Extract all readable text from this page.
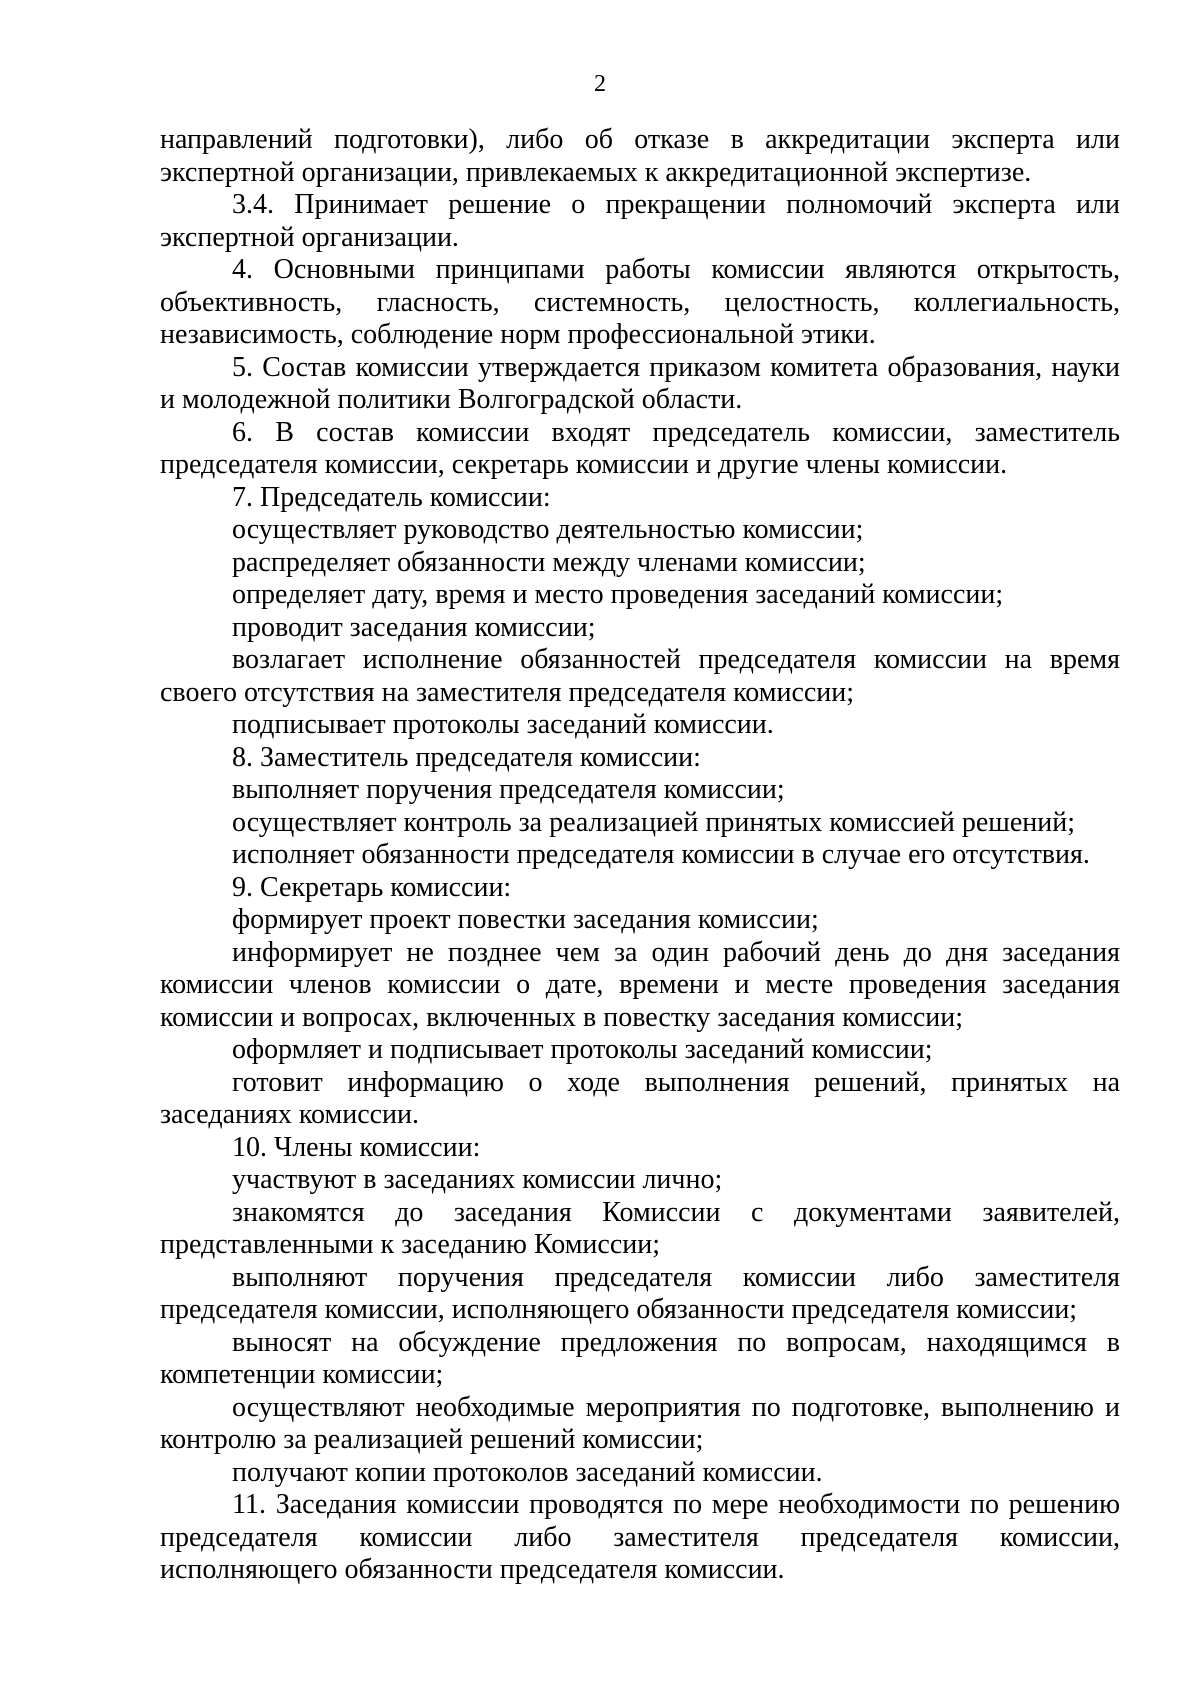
2

направлений подготовки), либо об отказе в аккредитации эксперта или экспертной организации, привлекаемых к аккредитационной экспертизе.

3.4. Принимает решение о прекращении полномочий эксперта или экспертной организации.

4. Основными принципами работы комиссии являются открытость, объективность, гласность, системность, целостность, коллегиальность, независимость, соблюдение норм профессиональной этики.

5. Состав комиссии утверждается приказом комитета образования, науки и молодежной политики Волгоградской области.

6. В состав комиссии входят председатель комиссии, заместитель председателя комиссии, секретарь комиссии и другие члены комиссии.

7. Председатель комиссии:

осуществляет руководство деятельностью комиссии;

распределяет обязанности между членами комиссии;

определяет дату, время и место проведения заседаний комиссии;

проводит заседания комиссии;

возлагает исполнение обязанностей председателя комиссии на время своего отсутствия на заместителя председателя комиссии;

подписывает протоколы заседаний комиссии.

8. Заместитель председателя комиссии:

выполняет поручения председателя комиссии;

осуществляет контроль за реализацией принятых комиссией решений;

исполняет обязанности председателя комиссии в случае его отсутствия.

9. Секретарь комиссии:

формирует проект повестки заседания комиссии;

информирует не позднее чем за один рабочий день до дня заседания комиссии членов комиссии о дате, времени и месте проведения заседания комиссии и вопросах, включенных в повестку заседания комиссии;

оформляет и подписывает протоколы заседаний комиссии;

готовит информацию о ходе выполнения решений, принятых на заседаниях комиссии.

10. Члены комиссии:

участвуют в заседаниях комиссии лично;

знакомятся до заседания Комиссии с документами заявителей, представленными к заседанию Комиссии;

выполняют поручения председателя комиссии либо заместителя председателя комиссии, исполняющего обязанности председателя комиссии;

выносят на обсуждение предложения по вопросам, находящимся в компетенции комиссии;

осуществляют необходимые мероприятия по подготовке, выполнению и контролю за реализацией решений комиссии;

получают копии протоколов заседаний комиссии.

11. Заседания комиссии проводятся по мере необходимости по решению председателя комиссии либо заместителя председателя комиссии, исполняющего обязанности председателя комиссии.
